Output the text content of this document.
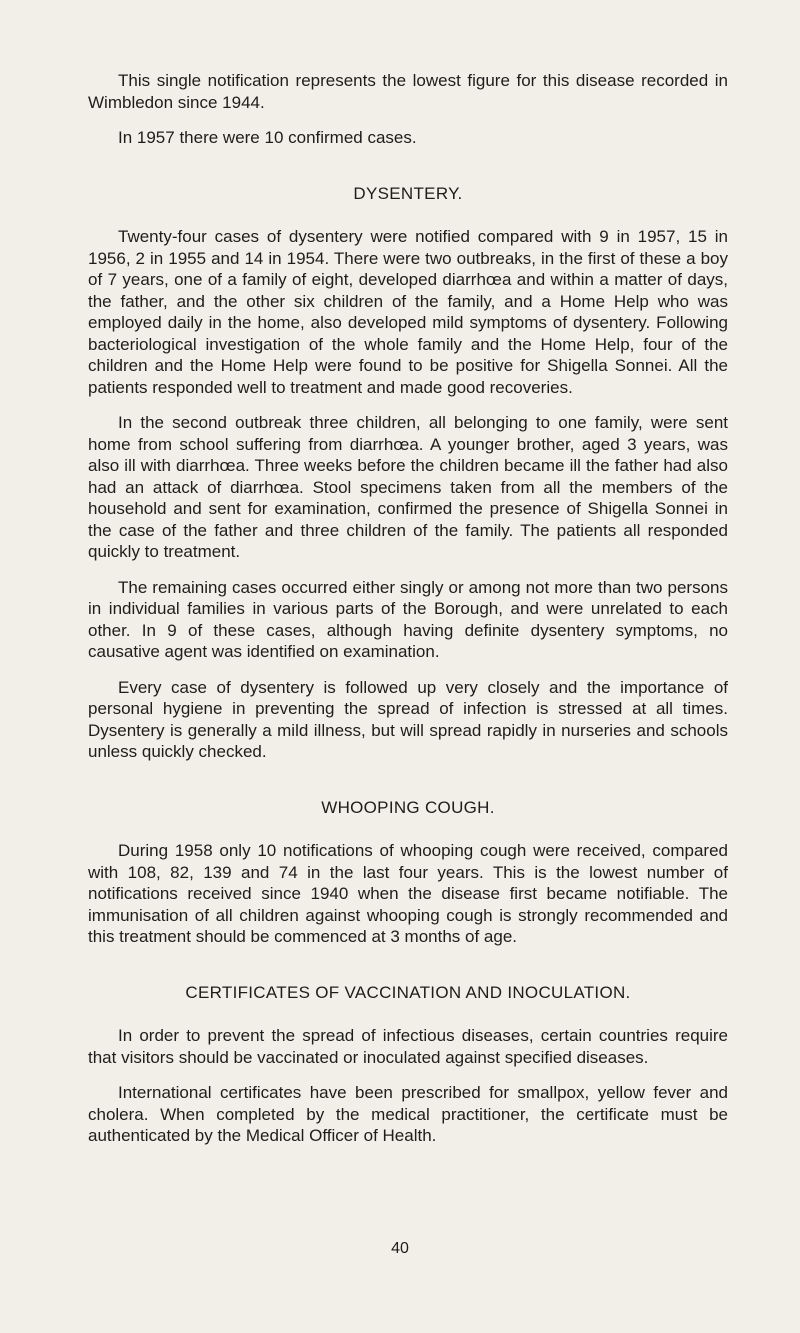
This single notification represents the lowest figure for this disease recorded in Wimbledon since 1944.

In 1957 there were 10 confirmed cases.

DYSENTERY.

Twenty-four cases of dysentery were notified compared with 9 in 1957, 15 in 1956, 2 in 1955 and 14 in 1954. There were two outbreaks, in the first of these a boy of 7 years, one of a family of eight, developed diarrhœa and within a matter of days, the father, and the other six children of the family, and a Home Help who was employed daily in the home, also developed mild symptoms of dysentery. Following bacteriological investigation of the whole family and the Home Help, four of the children and the Home Help were found to be positive for Shigella Sonnei. All the patients responded well to treatment and made good recoveries.

In the second outbreak three children, all belonging to one family, were sent home from school suffering from diarrhœa. A younger brother, aged 3 years, was also ill with diarrhœa. Three weeks before the children became ill the father had also had an attack of diarrhœa. Stool specimens taken from all the members of the household and sent for examination, confirmed the presence of Shigella Sonnei in the case of the father and three children of the family. The patients all responded quickly to treatment.

The remaining cases occurred either singly or among not more than two persons in individual families in various parts of the Borough, and were unrelated to each other. In 9 of these cases, although having definite dysentery symptoms, no causative agent was identified on examination.

Every case of dysentery is followed up very closely and the importance of personal hygiene in preventing the spread of infection is stressed at all times. Dysentery is generally a mild illness, but will spread rapidly in nurseries and schools unless quickly checked.

WHOOPING COUGH.

During 1958 only 10 notifications of whooping cough were received, compared with 108, 82, 139 and 74 in the last four years. This is the lowest number of notifications received since 1940 when the disease first became notifiable. The immunisation of all children against whooping cough is strongly recommended and this treatment should be commenced at 3 months of age.

CERTIFICATES OF VACCINATION AND INOCULATION.

In order to prevent the spread of infectious diseases, certain countries require that visitors should be vaccinated or inoculated against specified diseases.

International certificates have been prescribed for smallpox, yellow fever and cholera. When completed by the medical practitioner, the certificate must be authenticated by the Medical Officer of Health.

40
